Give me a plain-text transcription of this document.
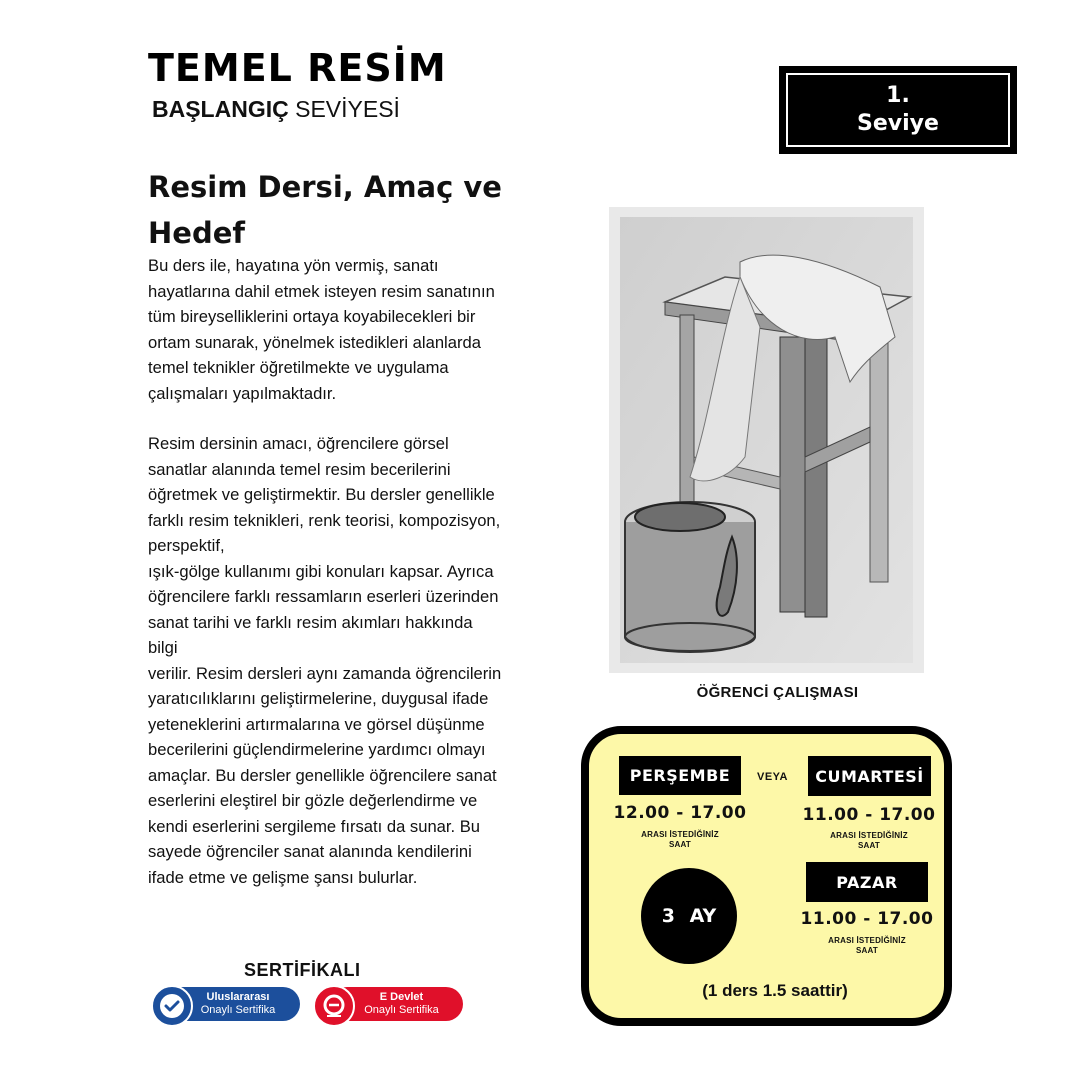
TEMEL RESİM
BAŞLANGIÇ SEVİYESİ
1.
Seviye
Resim Dersi, Amaç ve Hedef

Bu ders ile, hayatına yön vermiş, sanatı
hayatlarına dahil etmek isteyen resim sanatının
tüm bireyselliklerini ortaya koyabilecekleri bir
ortam sunarak, yönelmek istedikleri alanlarda
temel teknikler öğretilmekte ve uygulama
çalışmaları yapılmaktadır.

Resim dersinin amacı, öğrencilere görsel
sanatlar alanında temel resim becerilerini
öğretmek ve geliştirmektir. Bu dersler genellikle
farklı resim teknikleri, renk teorisi, kompozisyon,
perspektif,
ışık-gölge kullanımı gibi konuları kapsar. Ayrıca
öğrencilere farklı ressamların eserleri üzerinden
sanat tarihi ve farklı resim akımları hakkında
bilgi
verilir. Resim dersleri aynı zamanda öğrencilerin
yaratıcılıklarını geliştirmelerine, duygusal ifade
yeteneklerini artırmalarına ve görsel düşünme
becerilerini güçlendirmelerine yardımcı olmayı
amaçlar. Bu dersler genellikle öğrencilere sanat
eserlerini eleştirel bir gözle değerlendirme ve
kendi eserlerini sergileme fırsatı da sunar. Bu
sayede öğrenciler sanat alanında kendilerini
ifade etme ve gelişme şansı bulurlar.

ÖĞRENCİ ÇALIŞMASI
PERŞEMBE	VEYA	CUMARTESİ
12.00 - 17.00
ARASI İSTEDİĞİNİZ
SAAT
11.00 - 17.00
ARASI İSTEDİĞİNİZ
SAAT
PAZAR
11.00 - 17.00
ARASI İSTEDİĞİNİZ
SAAT
3 AY
(1 ders 1.5 saattir)
SERTİFİKALI
Uluslararası
Onaylı Sertifika
E Devlet
Onaylı Sertifika
